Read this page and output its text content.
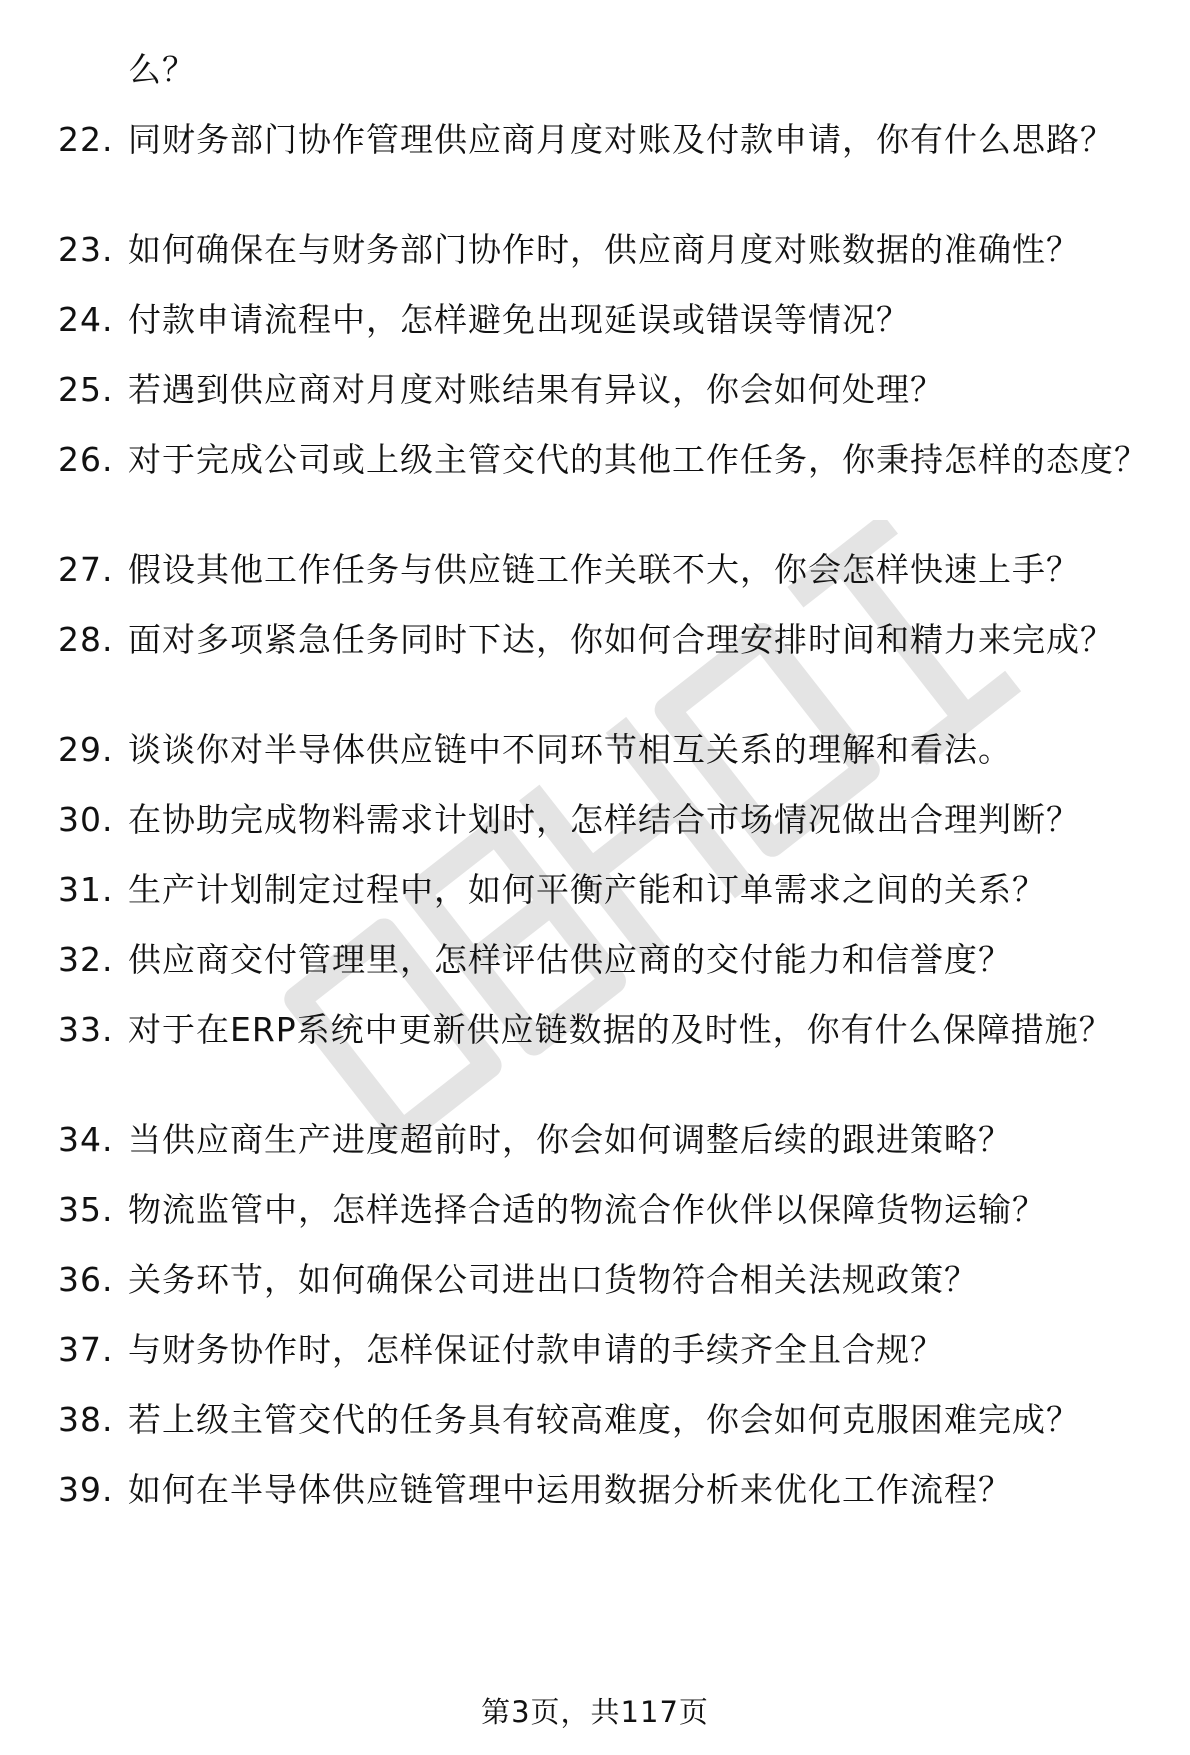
么？
22. 同财务部门协作管理供应商月度对账及付款申请，你有什么思路？
23. 如何确保在与财务部门协作时，供应商月度对账数据的准确性？
24. 付款申请流程中，怎样避免出现延误或错误等情况？
25. 若遇到供应商对月度对账结果有异议，你会如何处理？
26. 对于完成公司或上级主管交代的其他工作任务，你秉持怎样的态度？
27. 假设其他工作任务与供应链工作关联不大，你会怎样快速上手？
28. 面对多项紧急任务同时下达，你如何合理安排时间和精力来完成？
29. 谈谈你对半导体供应链中不同环节相互关系的理解和看法。
30. 在协助完成物料需求计划时，怎样结合市场情况做出合理判断？
31. 生产计划制定过程中，如何平衡产能和订单需求之间的关系？
32. 供应商交付管理里，怎样评估供应商的交付能力和信誉度？
33. 对于在ERP系统中更新供应链数据的及时性，你有什么保障措施？
34. 当供应商生产进度超前时，你会如何调整后续的跟进策略？
35. 物流监管中，怎样选择合适的物流合作伙伴以保障货物运输？
36. 关务环节，如何确保公司进出口货物符合相关法规政策？
37. 与财务协作时，怎样保证付款申请的手续齐全且合规？
38. 若上级主管交代的任务具有较高难度，你会如何克服困难完成？
39. 如何在半导体供应链管理中运用数据分析来优化工作流程？
第3页，共117页
